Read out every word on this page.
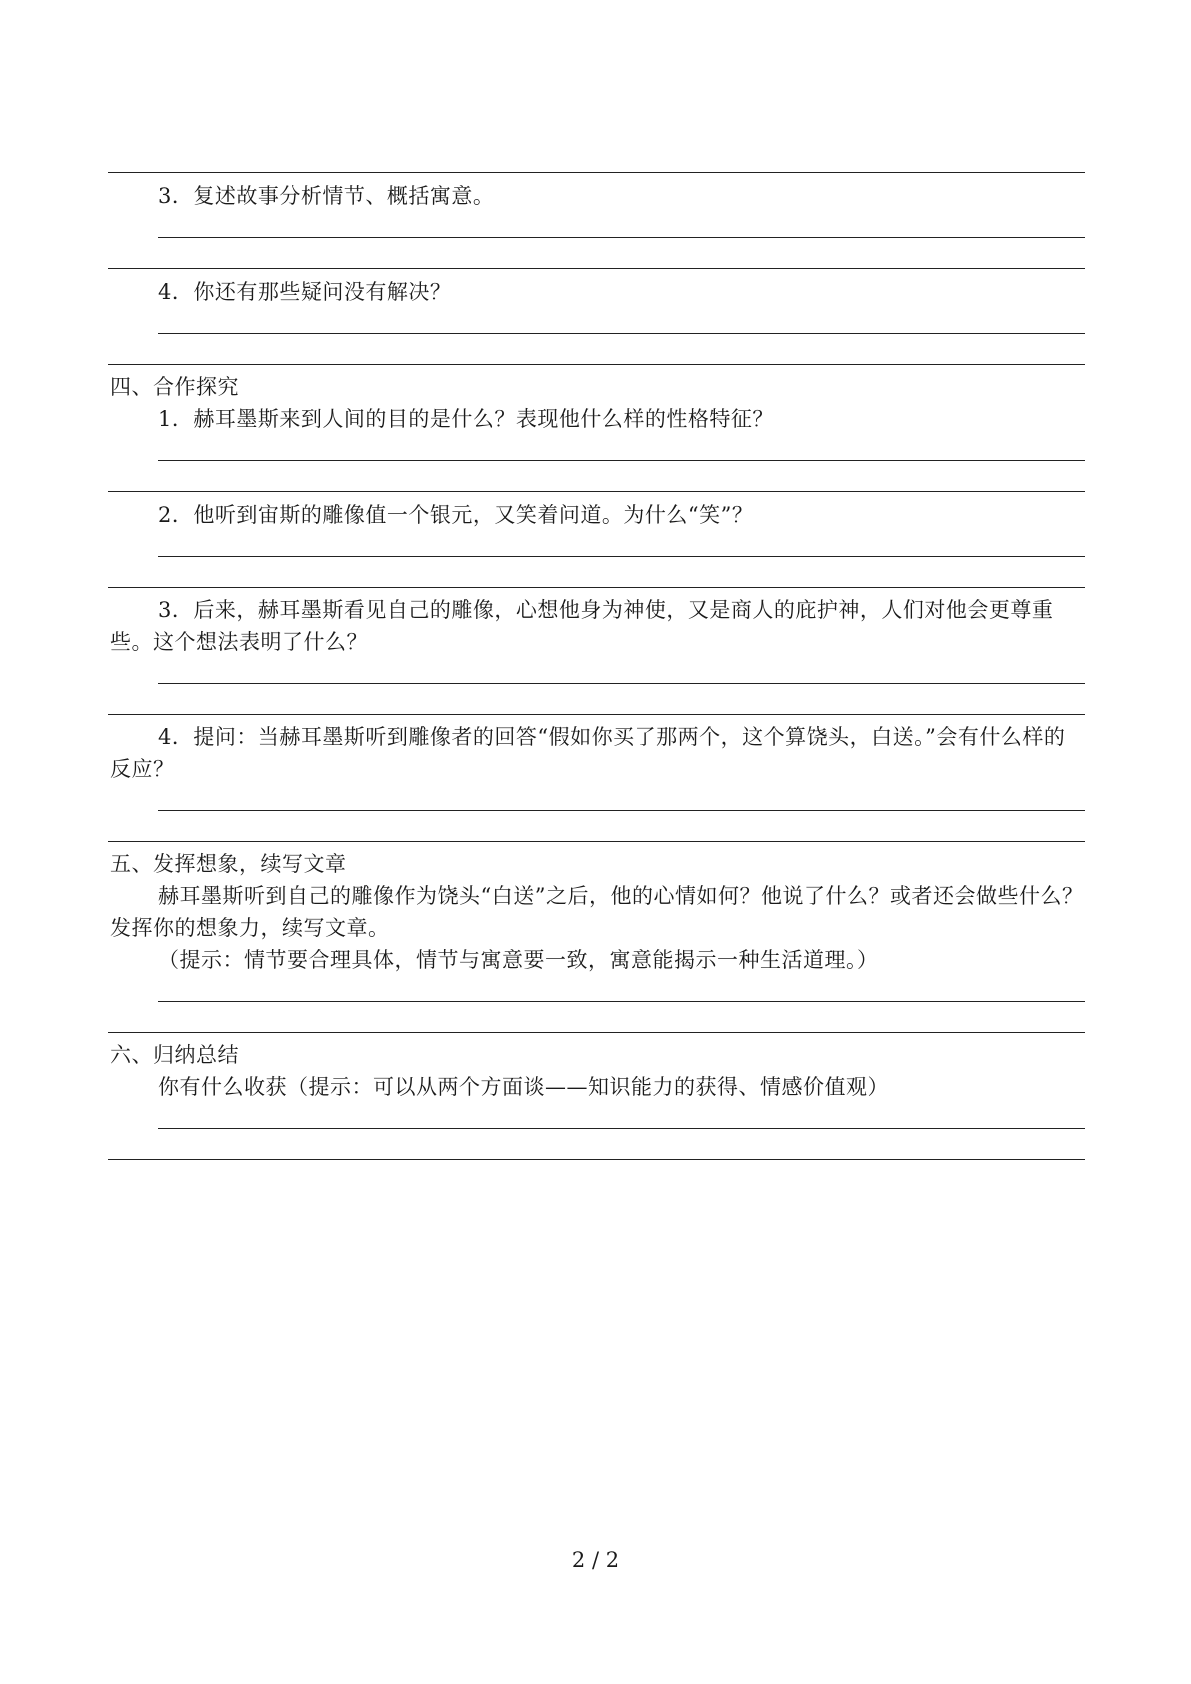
3．复述故事分析情节、概括寓意。
4．你还有那些疑问没有解决？
四、合作探究
1．赫耳墨斯来到人间的目的是什么？表现他什么样的性格特征？
2．他听到宙斯的雕像值一个银元，又笑着问道。为什么“笑”？
3．后来，赫耳墨斯看见自己的雕像，心想他身为神使，又是商人的庇护神，人们对他会更尊重些。这个想法表明了什么？
4．提问：当赫耳墨斯听到雕像者的回答“假如你买了那两个，这个算饶头，白送。”会有什么样的反应？
五、发挥想象，续写文章
赫耳墨斯听到自己的雕像作为饶头“白送”之后，他的心情如何？他说了什么？或者还会做些什么？发挥你的想象力，续写文章。
（提示：情节要合理具体，情节与寓意要一致，寓意能揭示一种生活道理。）
六、归纳总结
你有什么收获（提示：可以从两个方面谈——知识能力的获得、情感价值观）
2 / 2
